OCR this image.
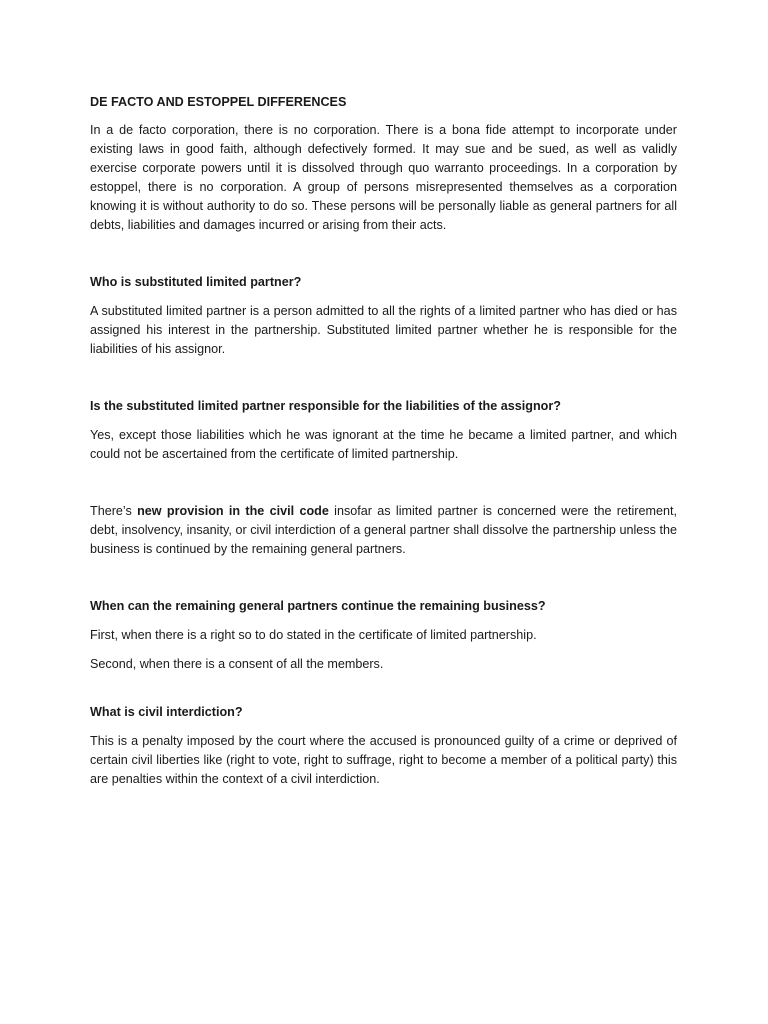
DE FACTO AND ESTOPPEL DIFFERENCES

In a de facto corporation, there is no corporation. There is a bona fide attempt to incorporate under existing laws in good faith, although defectively formed. It may sue and be sued, as well as validly exercise corporate powers until it is dissolved through quo warranto proceedings. In a corporation by estoppel, there is no corporation. A group of persons misrepresented themselves as a corporation knowing it is without authority to do so. These persons will be personally liable as general partners for all debts, liabilities and damages incurred or arising from their acts.

Who is substituted limited partner?

A substituted limited partner is a person admitted to all the rights of a limited partner who has died or has assigned his interest in the partnership. Substituted limited partner whether he is responsible for the liabilities of his assignor.

Is the substituted limited partner responsible for the liabilities of the assignor?

Yes, except those liabilities which he was ignorant at the time he became a limited partner, and which could not be ascertained from the certificate of limited partnership.

There’s new provision in the civil code insofar as limited partner is concerned were the retirement, debt, insolvency, insanity, or civil interdiction of a general partner shall dissolve the partnership unless the business is continued by the remaining general partners.

When can the remaining general partners continue the remaining business?

First, when there is a right so to do stated in the certificate of limited partnership.

Second, when there is a consent of all the members.

What is civil interdiction?

This is a penalty imposed by the court where the accused is pronounced guilty of a crime or deprived of certain civil liberties like (right to vote, right to suffrage, right to become a member of a political party) this are penalties within the context of a civil interdiction.
